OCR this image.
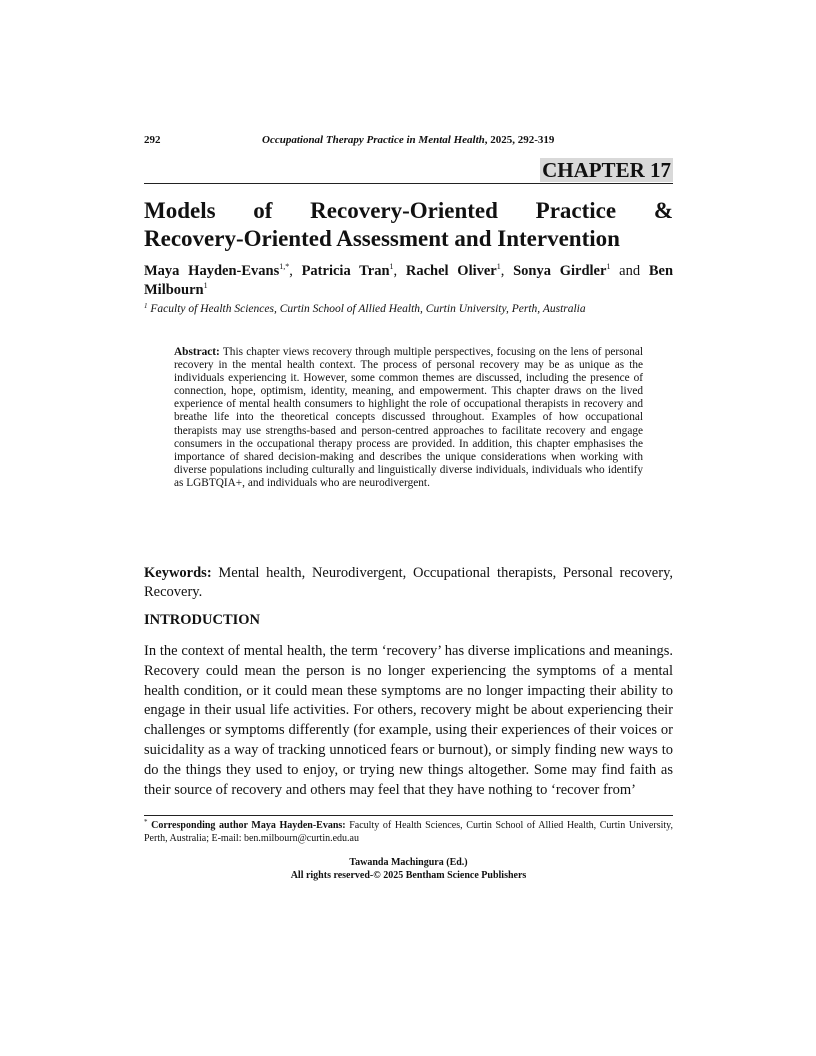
292	Occupational Therapy Practice in Mental Health, 2025, 292-319
CHAPTER 17
Models of Recovery-Oriented Practice &
Recovery-Oriented Assessment and Intervention

Maya Hayden-Evans$^{1,*}$, Patricia Tran$^1$, Rachel Oliver$^1$, Sonya Girdler$^1$ and Ben Milbourn$^1$

$^1$ Faculty of Health Sciences, Curtin School of Allied Health, Curtin University, Perth, Australia

Abstract: This chapter views recovery through multiple perspectives, focusing on the lens of personal recovery in the mental health context. The process of personal recovery may be as unique as the individuals experiencing it. However, some common themes are discussed, including the presence of connection, hope, optimism, identity, meaning, and empowerment. This chapter draws on the lived experience of mental health consumers to highlight the role of occupational therapists in recovery and breathe life into the theoretical concepts discussed throughout. Examples of how occupational therapists may use strengths-based and person-centred approaches to facilitate recovery and engage consumers in the occupational therapy process are provided. In addition, this chapter emphasises the importance of shared decision-making and describes the unique considerations when working with diverse populations including culturally and linguistically diverse individuals, individuals who identify as LGBTQIA+, and individuals who are neurodivergent.

Keywords: Mental health, Neurodivergent, Occupational therapists, Personal recovery, Recovery.

INTRODUCTION

In the context of mental health, the term ‘recovery’ has diverse implications and meanings. Recovery could mean the person is no longer experiencing the symptoms of a mental health condition, or it could mean these symptoms are no longer impacting their ability to engage in their usual life activities. For others, recovery might be about experiencing their challenges or symptoms differently (for example, using their experiences of their voices or suicidality as a way of tracking unnoticed fears or burnout), or simply finding new ways to do the things they used to enjoy, or trying new things altogether. Some may find faith as their source of recovery and others may feel that they have nothing to ‘recover from’

* Corresponding author Maya Hayden-Evans: Faculty of Health Sciences, Curtin School of Allied Health, Curtin University, Perth, Australia; E-mail: ben.milbourn@curtin.edu.au

Tawanda Machingura (Ed.)
All rights reserved-© 2025 Bentham Science Publishers
